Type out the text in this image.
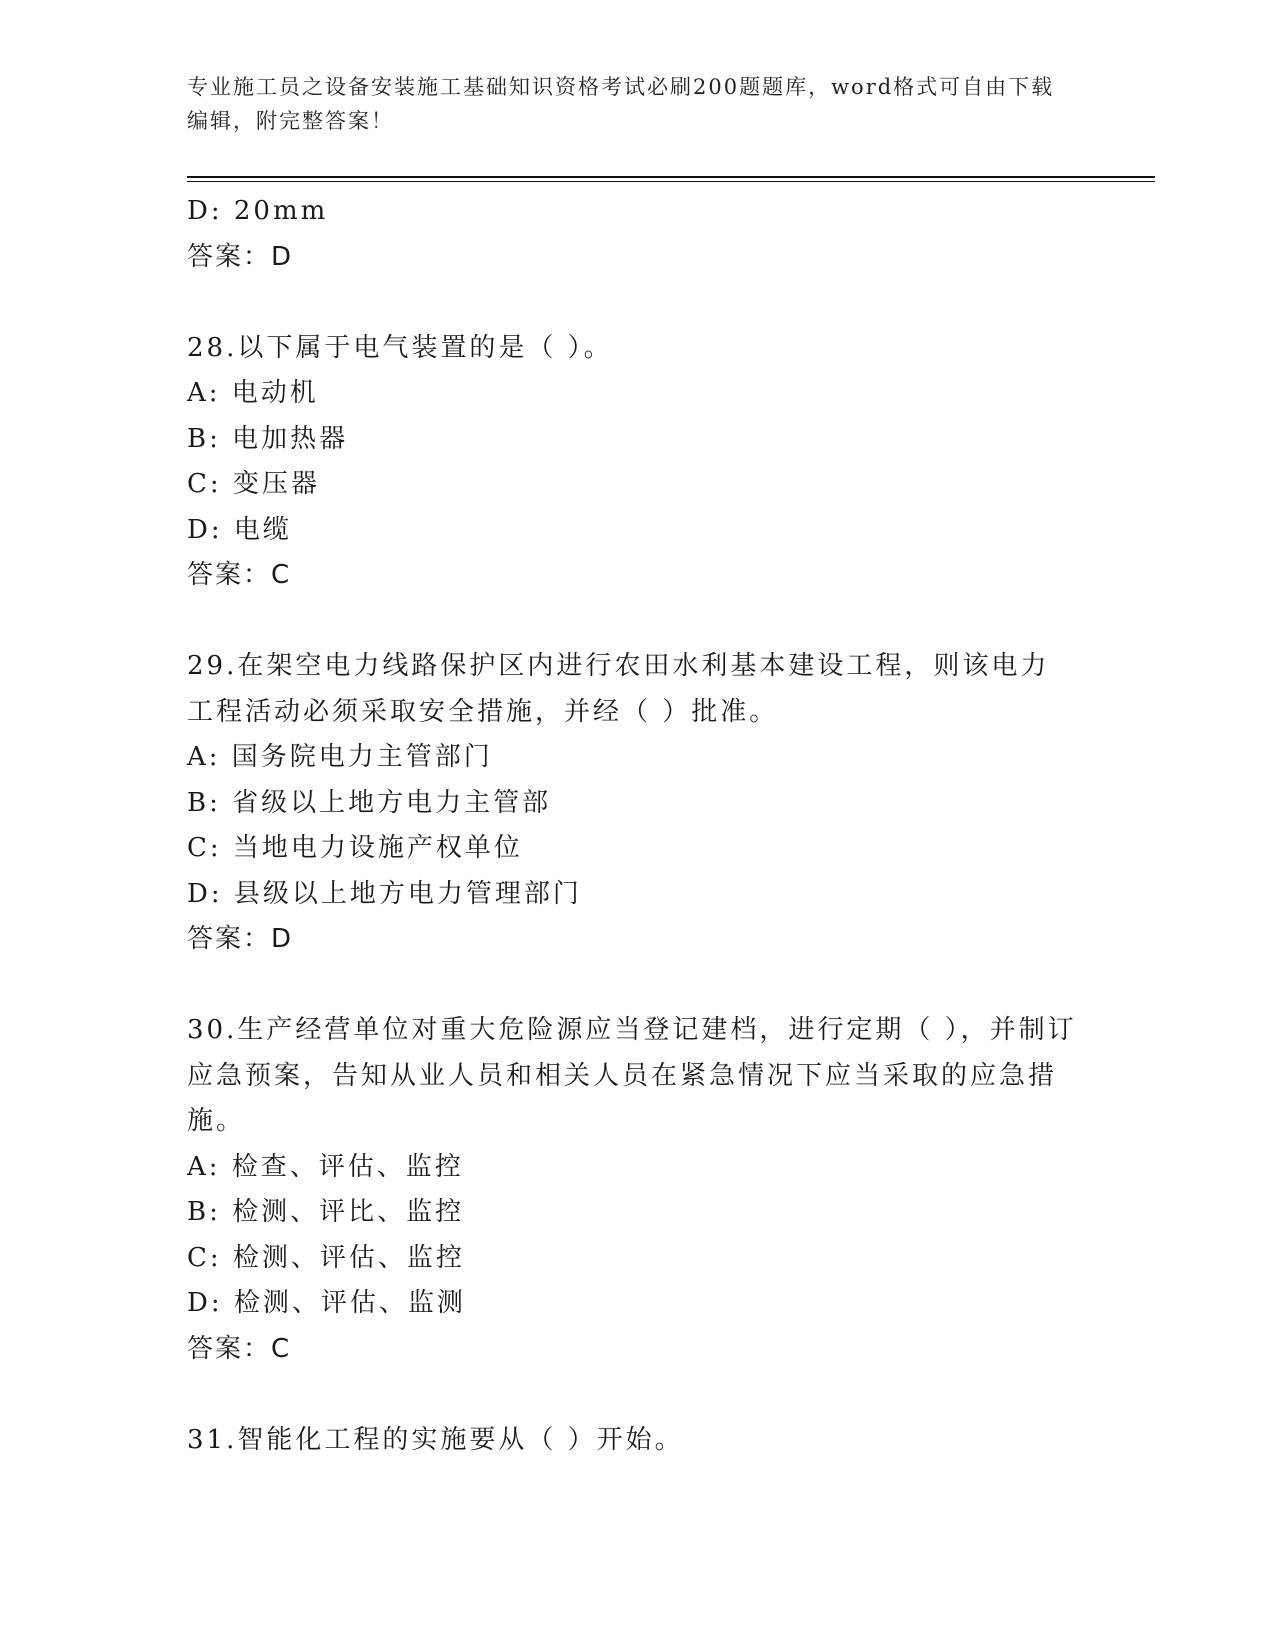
专业施工员之设备安装施工基础知识资格考试必刷200题题库，word格式可自由下载编辑，附完整答案！
D: 20mm
答案：D
28.以下属于电气装置的是（ ）。
A: 电动机
B: 电加热器
C: 变压器
D: 电缆
答案：C
29.在架空电力线路保护区内进行农田水利基本建设工程，则该电力工程活动必须采取安全措施，并经（ ）批准。
A: 国务院电力主管部门
B: 省级以上地方电力主管部
C: 当地电力设施产权单位
D: 县级以上地方电力管理部门
答案：D
30.生产经营单位对重大危险源应当登记建档，进行定期（ ），并制订应急预案，告知从业人员和相关人员在紧急情况下应当采取的应急措施。
A: 检查、评估、监控
B: 检测、评比、监控
C: 检测、评估、监控
D: 检测、评估、监测
答案：C
31.智能化工程的实施要从（ ）开始。
